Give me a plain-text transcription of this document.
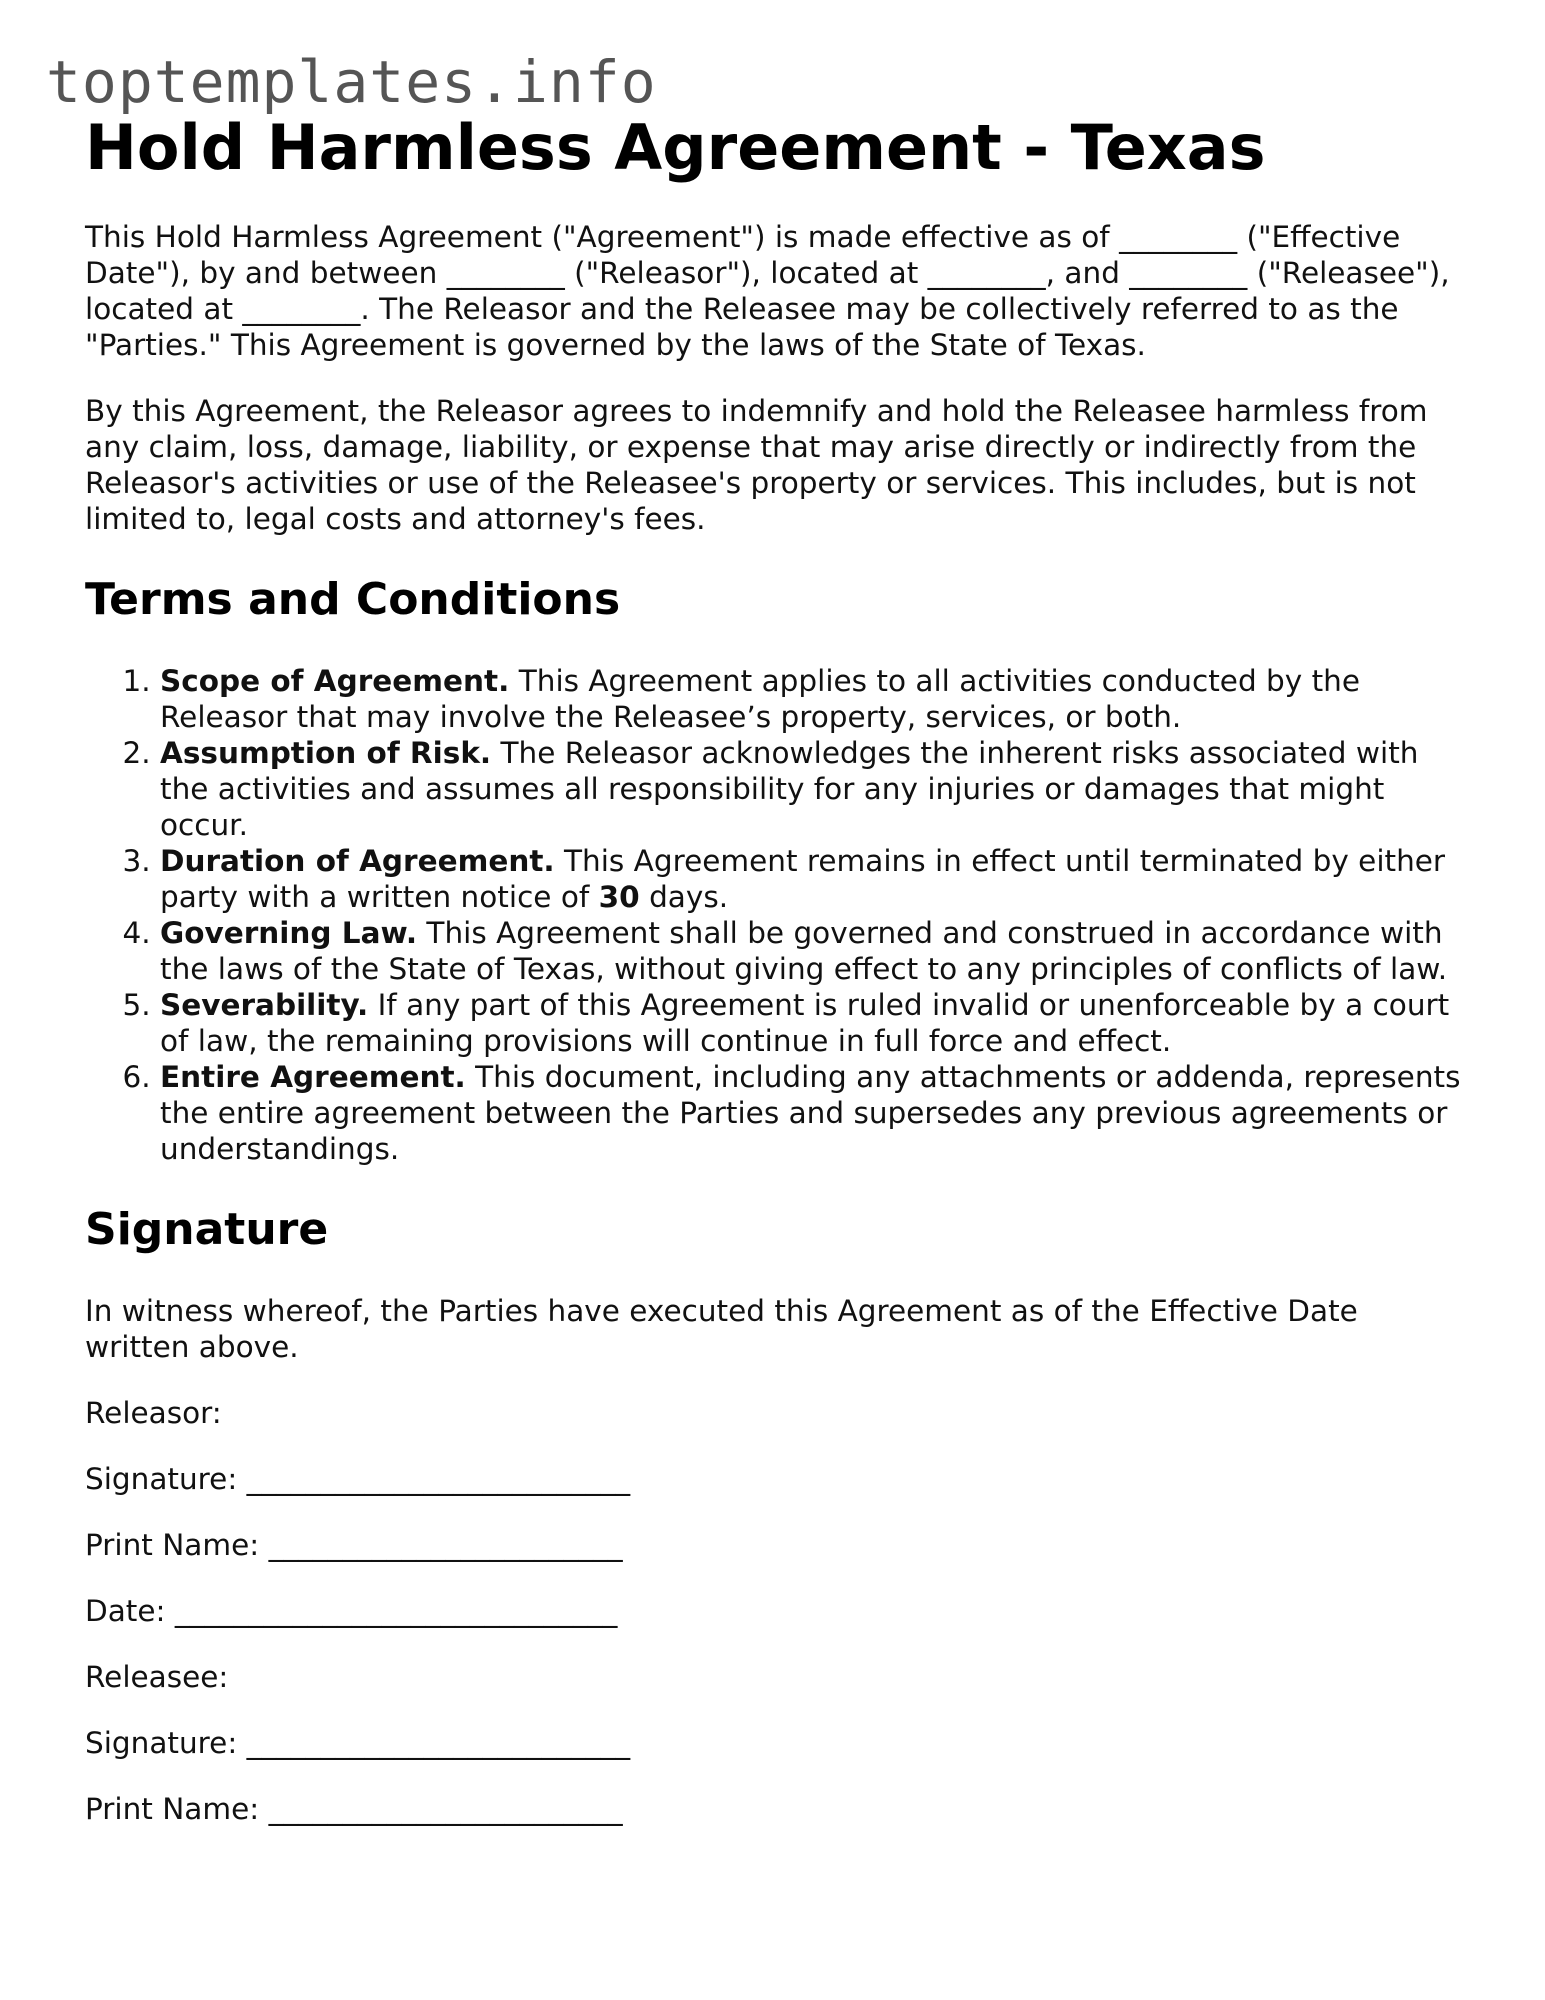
toptemplates.info
Hold Harmless Agreement - Texas

This Hold Harmless Agreement ("Agreement") is made effective as of ________ ("Effective Date"), by and between ________ ("Releasor"), located at ________, and ________ ("Releasee"), located at ________. The Releasor and the Releasee may be collectively referred to as the "Parties." This Agreement is governed by the laws of the State of Texas.

By this Agreement, the Releasor agrees to indemnify and hold the Releasee harmless from any claim, loss, damage, liability, or expense that may arise directly or indirectly from the Releasor's activities or use of the Releasee's property or services. This includes, but is not limited to, legal costs and attorney's fees.

Terms and Conditions
1. Scope of Agreement. This Agreement applies to all activities conducted by the Releasor that may involve the Releasee’s property, services, or both.
2. Assumption of Risk. The Releasor acknowledges the inherent risks associated with the activities and assumes all responsibility for any injuries or damages that might occur.
3. Duration of Agreement. This Agreement remains in effect until terminated by either party with a written notice of 30 days.
4. Governing Law. This Agreement shall be governed and construed in accordance with the laws of the State of Texas, without giving effect to any principles of conflicts of law.
5. Severability. If any part of this Agreement is ruled invalid or unenforceable by a court of law, the remaining provisions will continue in full force and effect.
6. Entire Agreement. This document, including any attachments or addenda, represents the entire agreement between the Parties and supersedes any previous agreements or understandings.
Signature

In witness whereof, the Parties have executed this Agreement as of the Effective Date written above.

Releasor:

Signature: __________________________

Print Name: ________________________

Date: ______________________________

Releasee:

Signature: __________________________

Print Name: ________________________
